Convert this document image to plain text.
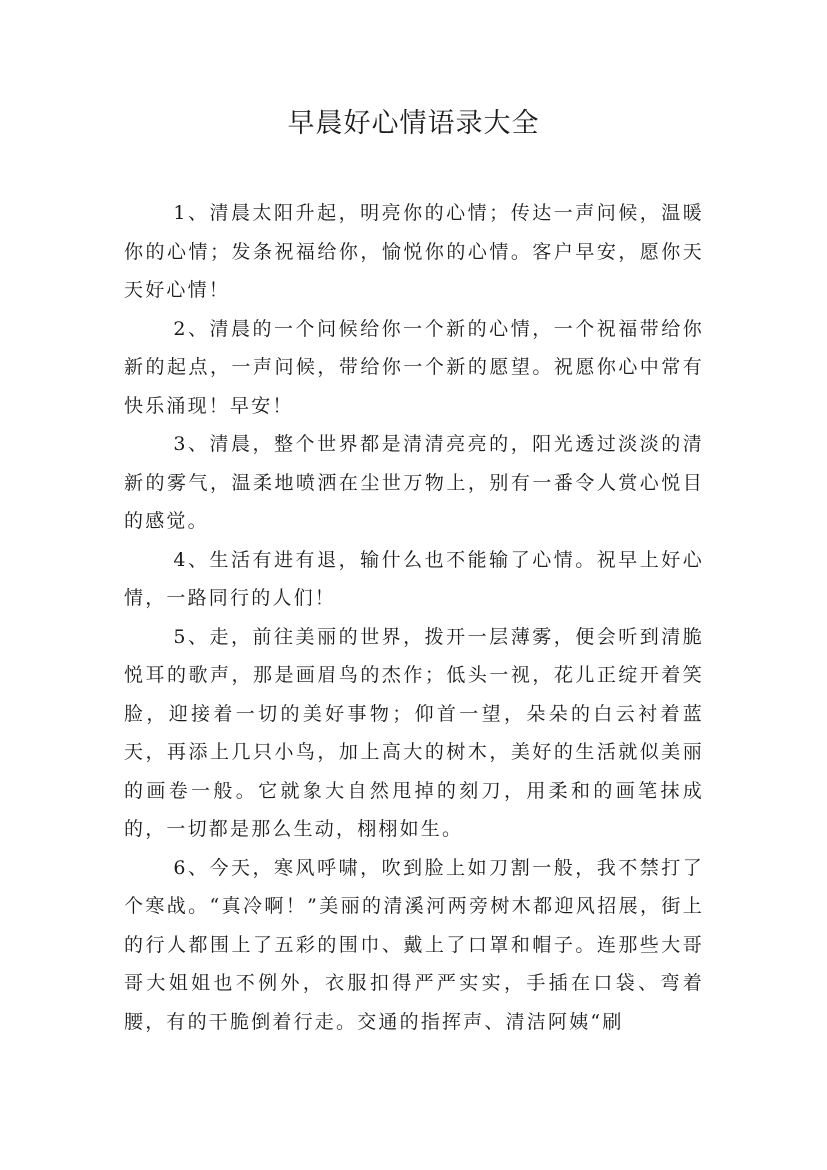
早晨好心情语录大全

1、清晨太阳升起，明亮你的心情；传达一声问候，温暖你的心情；发条祝福给你，愉悦你的心情。客户早安，愿你天天好心情！

2、清晨的一个问候给你一个新的心情，一个祝福带给你新的起点，一声问候，带给你一个新的愿望。祝愿你心中常有快乐涌现！早安！

3、清晨，整个世界都是清清亮亮的，阳光透过淡淡的清新的雾气，温柔地喷洒在尘世万物上，别有一番令人赏心悦目的感觉。

4、生活有进有退，输什么也不能输了心情。祝早上好心情，一路同行的人们！

5、走，前往美丽的世界，拨开一层薄雾，便会听到清脆悦耳的歌声，那是画眉鸟的杰作；低头一视，花儿正绽开着笑脸，迎接着一切的美好事物；仰首一望，朵朵的白云衬着蓝天，再添上几只小鸟，加上高大的树木，美好的生活就似美丽的画卷一般。它就象大自然甩掉的刻刀，用柔和的画笔抹成的，一切都是那么生动，栩栩如生。

6、今天，寒风呼啸，吹到脸上如刀割一般，我不禁打了个寒战。“真冷啊！”美丽的清溪河两旁树木都迎风招展，街上的行人都围上了五彩的围巾、戴上了口罩和帽子。连那些大哥哥大姐姐也不例外，衣服扣得严严实实，手插在口袋、弯着腰，有的干脆倒着行走。交通的指挥声、清洁阿姨“刷
